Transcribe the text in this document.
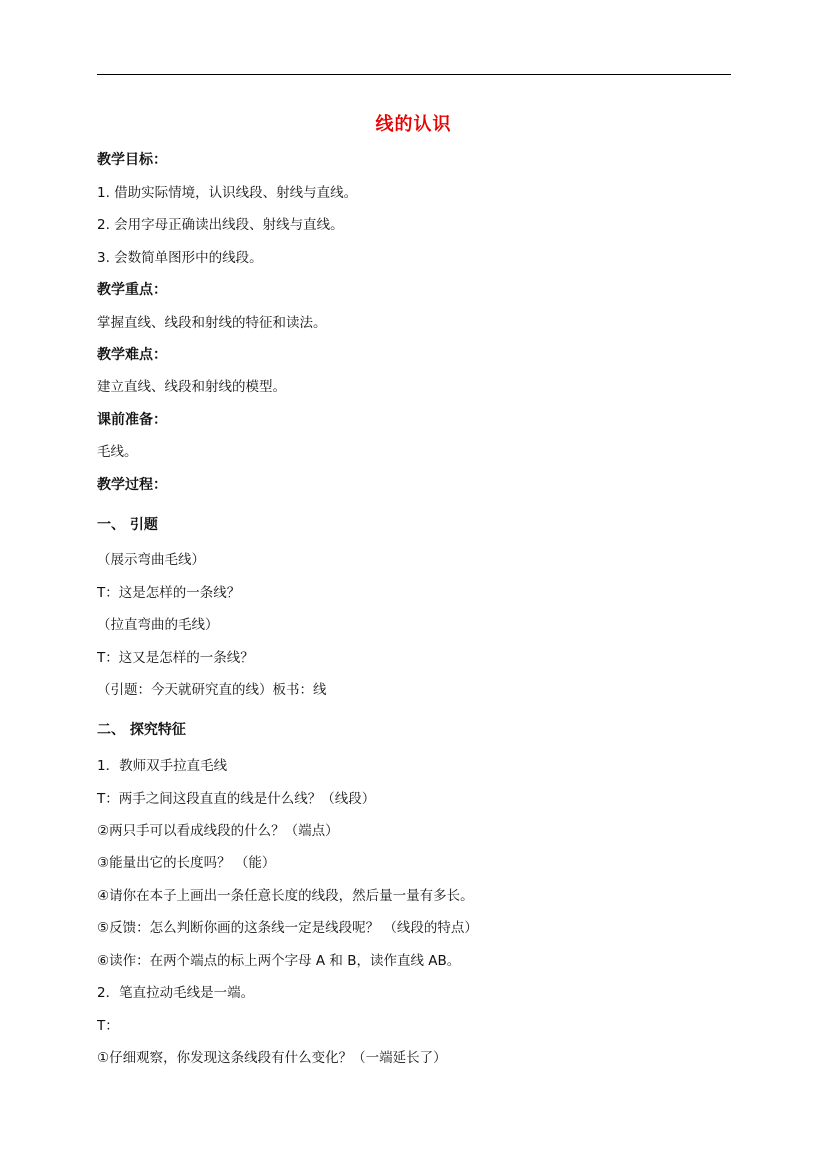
线的认识
教学目标：
1. 借助实际情境，认识线段、射线与直线。
2. 会用字母正确读出线段、射线与直线。
3. 会数简单图形中的线段。
教学重点：
掌握直线、线段和射线的特征和读法。
教学难点：
建立直线、线段和射线的模型。
课前准备：
毛线。
教学过程：
一、 引题
（展示弯曲毛线）
T：这是怎样的一条线？
（拉直弯曲的毛线）
T：这又是怎样的一条线？
（引题：今天就研究直的线）板书：线
二、 探究特征
1．教师双手拉直毛线
T：两手之间这段直直的线是什么线？（线段）
②两只手可以看成线段的什么？（端点）
③能量出它的长度吗？ （能）
④请你在本子上画出一条任意长度的线段，然后量一量有多长。
⑤反馈：怎么判断你画的这条线一定是线段呢？ （线段的特点）
⑥读作：在两个端点的标上两个字母 A 和 B，读作直线 AB。
2．笔直拉动毛线是一端。
T：
①仔细观察，你发现这条线段有什么变化？（一端延长了）
